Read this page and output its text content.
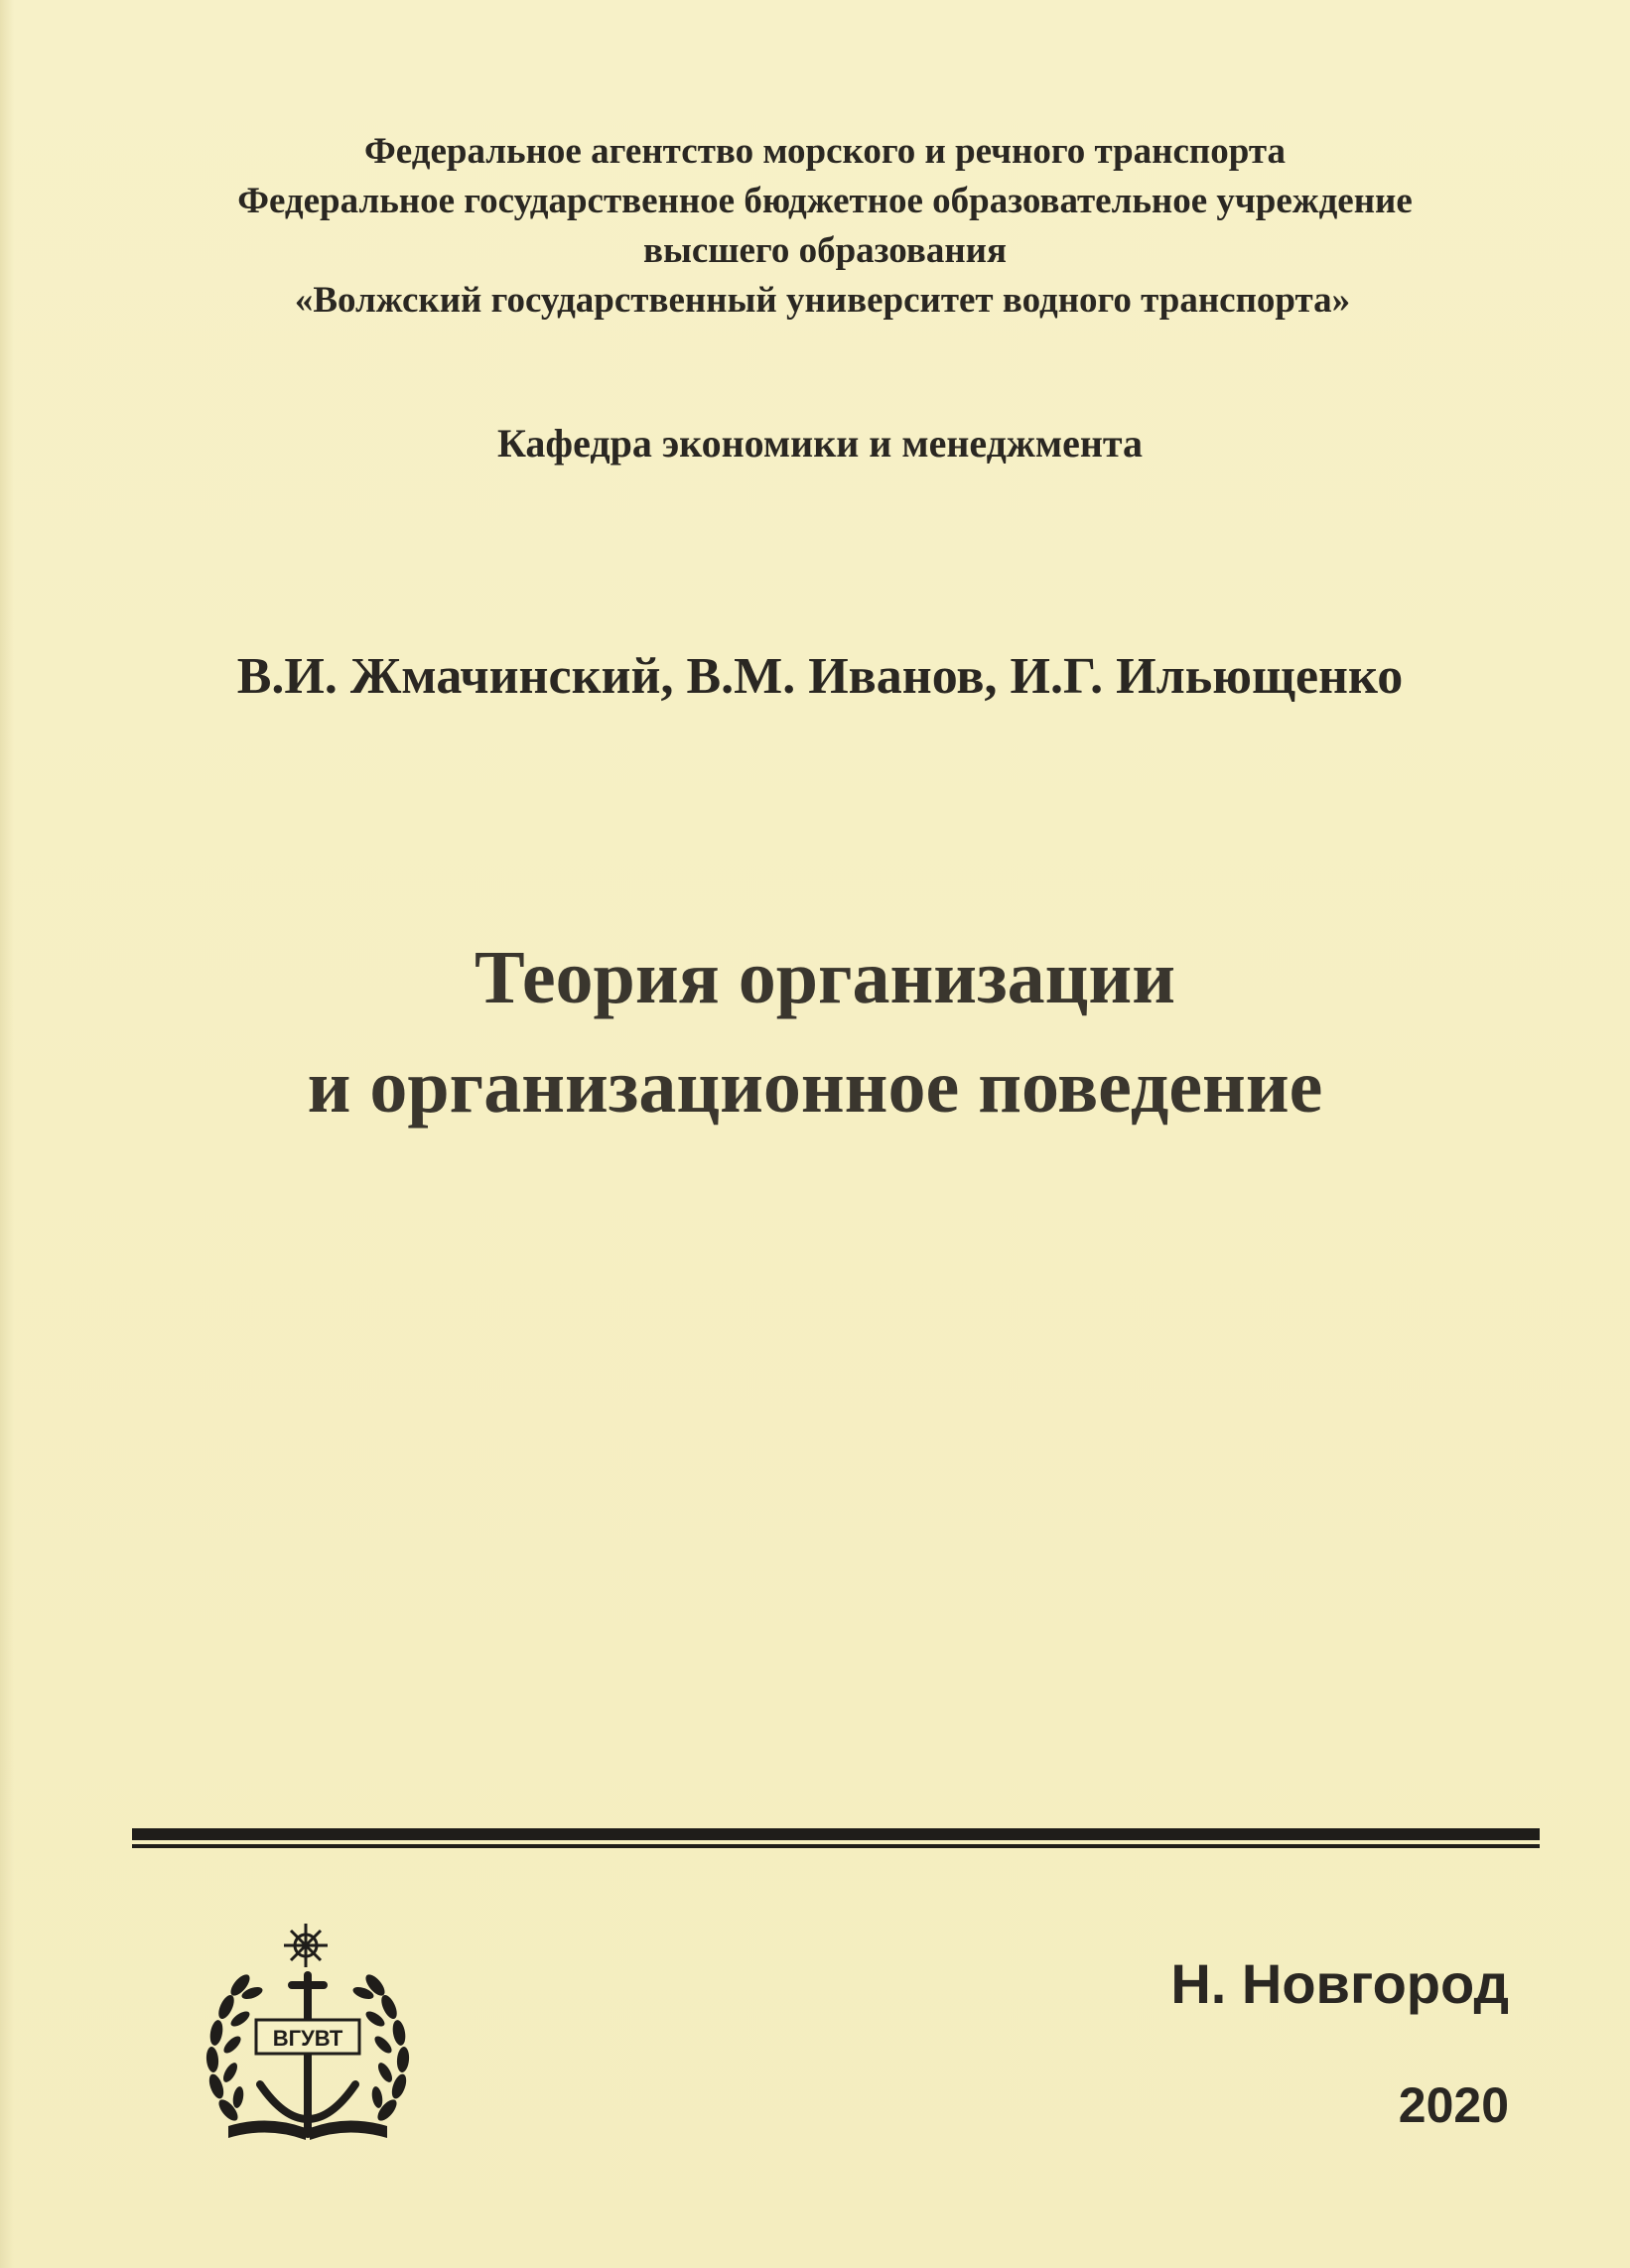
Федеральное агентство морского и речного транспорта
Федеральное государственное бюджетное образовательное учреждение
высшего образования
«Волжский государственный университет водного транспорта»
Кафедра экономики и менеджмента
В.И. Жмачинский, В.М. Иванов, И.Г. Ильющенко
Теория организации
и организационное поведение
ВГУВТ
Н. Новгород
2020
